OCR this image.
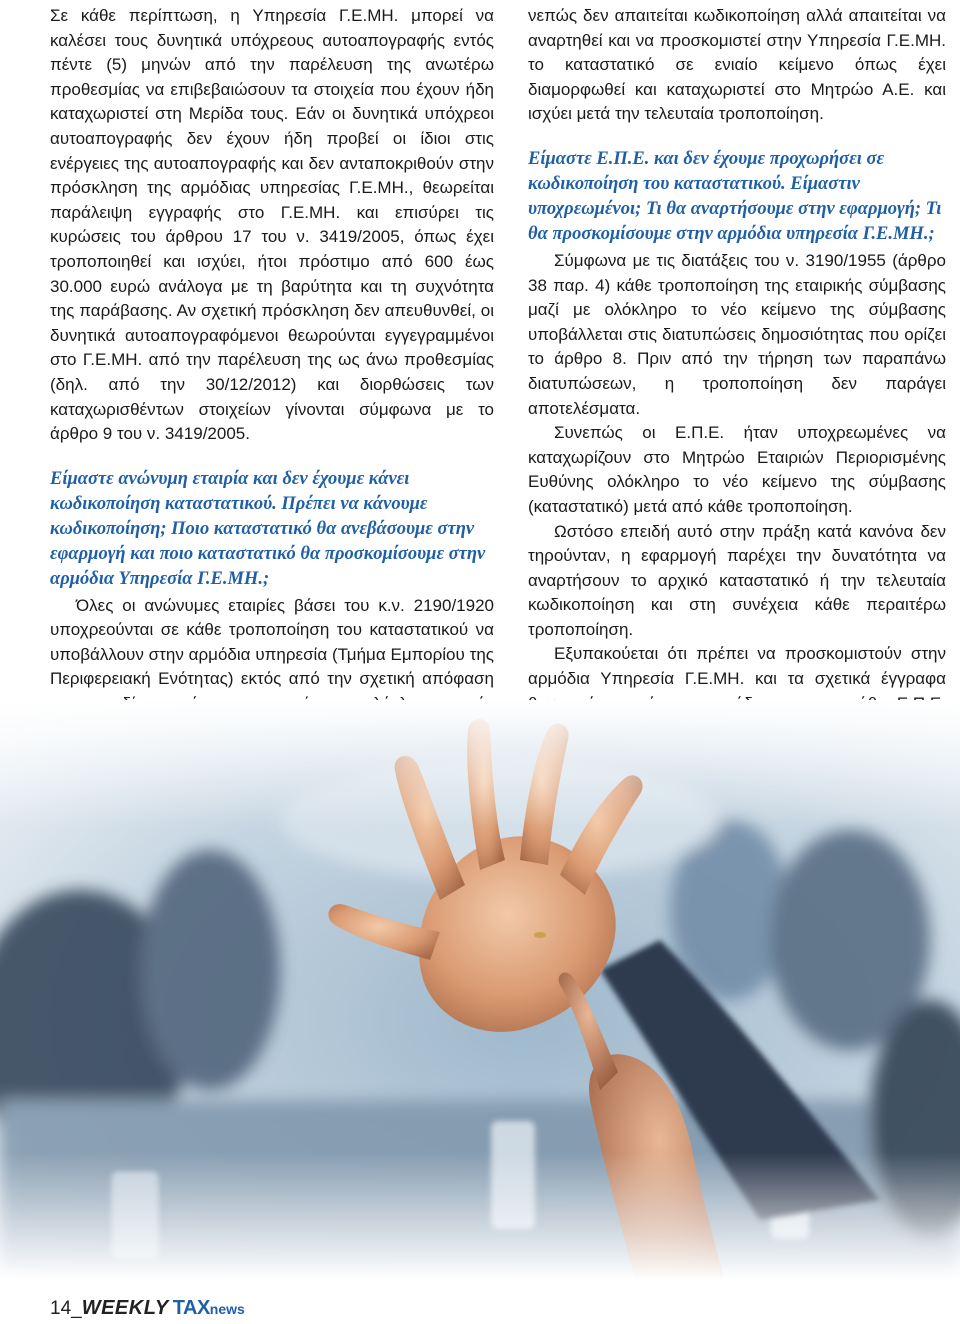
Σε κάθε περίπτωση, η Υπηρεσία Γ.Ε.ΜΗ. μπορεί να καλέσει τους δυνητικά υπόχρεους αυτοαπογραφής εντός πέντε (5) μηνών από την παρέλευση της ανωτέρω προθεσμίας να επιβεβαιώσουν τα στοιχεία που έχουν ήδη καταχωριστεί στη Μερίδα τους. Εάν οι δυνητικά υπόχρεοι αυτοαπογραφής δεν έχουν ήδη προβεί οι ίδιοι στις ενέργειες της αυτοαπογραφής και δεν ανταποκριθούν στην πρόσκληση της αρμόδιας υπηρεσίας Γ.Ε.ΜΗ., θεωρείται παράλειψη εγγραφής στο Γ.Ε.ΜΗ. και επισύρει τις κυρώσεις του άρθρου 17 του ν. 3419/2005, όπως έχει τροποποιηθεί και ισχύει, ήτοι πρόστιμο από 600 έως 30.000 ευρώ ανάλογα με τη βαρύτητα και τη συχνότητα της παράβασης. Αν σχετική πρόσκληση δεν απευθυνθεί, οι δυνητικά αυτοαπογραφόμενοι θεωρούνται εγγεγραμμένοι στο Γ.Ε.ΜΗ. από την παρέλευση της ως άνω προθεσμίας (δηλ. από την 30/12/2012) και διορθώσεις των καταχωρισθέντων στοιχείων γίνονται σύμφωνα με το άρθρο 9 του ν. 3419/2005.

Είμαστε ανώνυμη εταιρία και δεν έχουμε κάνει κωδικοποίηση καταστατικού. Πρέπει να κάνουμε κωδικοποίηση; Ποιο καταστατικό θα ανεβάσουμε στην εφαρμογή και ποιο καταστατικό θα προσκομίσουμε στην αρμόδια Υπηρεσία Γ.Ε.ΜΗ.;

Όλες οι ανώνυμες εταιρίες βάσει του κ.ν. 2190/1920 υποχρεούνται σε κάθε τροποποίηση του καταστατικού να υποβάλλουν στην αρμόδια υπηρεσία (Τμήμα Εμπορίου της Περιφερειακή Ενότητας) εκτός από την σχετική απόφαση

νεπώς δεν απαιτείται κωδικοποίηση αλλά απαιτείται να αναρτηθεί και να προσκομιστεί στην Υπηρεσία Γ.Ε.ΜΗ. το καταστατικό σε ενιαίο κείμενο όπως έχει διαμορφωθεί και καταχωριστεί στο Μητρώο Α.Ε. και ισχύει μετά την τελευταία τροποποίηση.

Είμαστε Ε.Π.Ε. και δεν έχουμε προχωρήσει σε κωδικοποίηση του καταστατικού. Είμαστιν υποχρεωμένοι; Τι θα αναρτήσουμε στην εφαρμογή; Τι θα προσκομίσουμε στην αρμόδια υπηρεσία Γ.Ε.ΜΗ.;

Σύμφωνα με τις διατάξεις του ν. 3190/1955 (άρθρο 38 παρ. 4) κάθε τροποποίηση της εταιρικής σύμβασης μαζί με ολόκληρο το νέο κείμενο της σύμβασης υποβάλλεται στις διατυπώσεις δημοσιότητας που ορίζει το άρθρο 8. Πριν από την τήρηση των παραπάνω διατυπώσεων, η τροποποίηση δεν παράγει αποτελέσματα.

Συνεπώς οι Ε.Π.Ε. ήταν υποχρεωμένες να καταχωρίζουν στο Μητρώο Εταιριών Περιορισμένης Ευθύνης ολόκληρο το νέο κείμενο της σύμβασης (καταστατικό) μετά από κάθε τροποποίηση.

Ωστόσο επειδή αυτό στην πράξη κατά κανόνα δεν τηρούνταν, η εφαρμογή παρέχει την δυνατότητα να αναρτήσουν το αρχικό καταστατικό ή την τελευταία κωδικοποίηση και στη συνέχεια κάθε περαιτέρω τροποποίηση.

Εξυπακούεται ότι πρέπει να προσκομιστούν στην αρμόδια Υπηρεσία Γ.Ε.ΜΗ. και τα σχετικά έγγραφα

14_ WEEKLY TAX news
